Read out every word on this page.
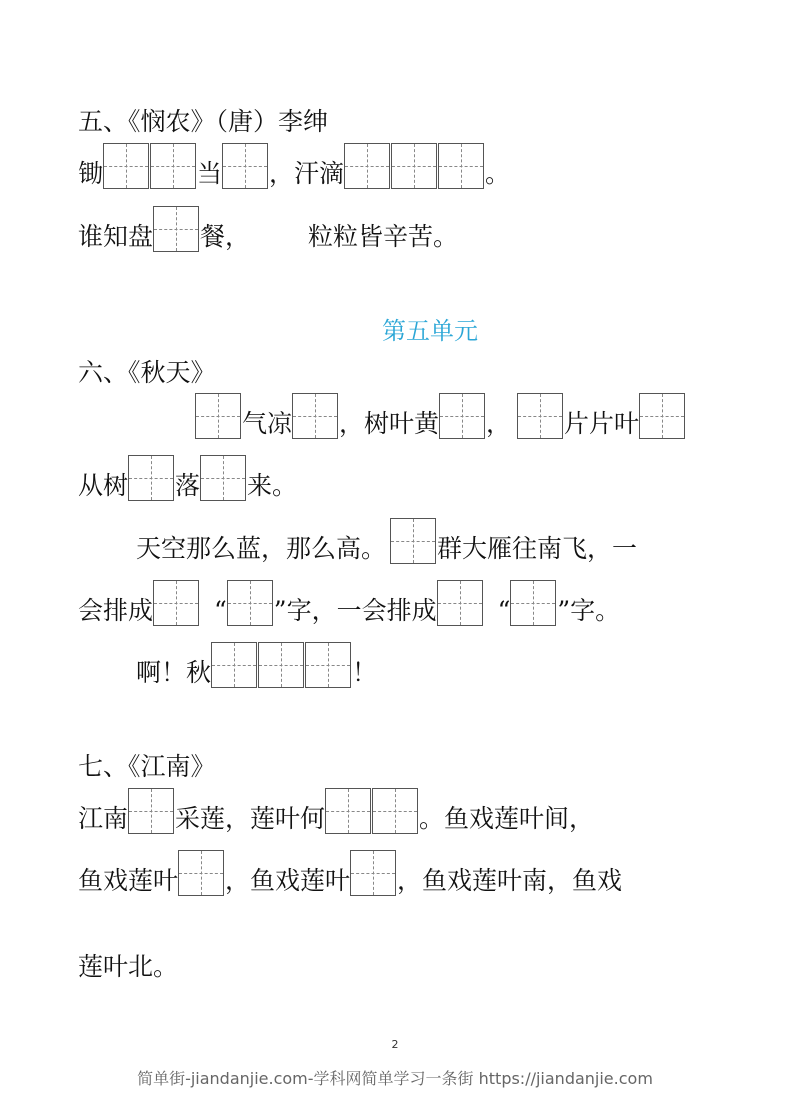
五、《悯农》（唐）李绅
锄	当 ，汗滴	。
谁知盘 餐， 粒粒皆辛苦。
第五单元
六、《秋天》
气凉 ，树叶黄 ， 片片叶
从树 落 来。
天空那么蓝，那么高。 群大雁往南飞，一
会排成 “ ”字，一会排成 “ ”字。
啊！秋	！
七、《江南》
江南 采莲，莲叶何	。鱼戏莲叶间，
鱼戏莲叶 ，鱼戏莲叶 ，鱼戏莲叶南，鱼戏
莲叶北。
2
简单街-jiandanjie.com-学科网简单学习一条街 https://jiandanjie.com
